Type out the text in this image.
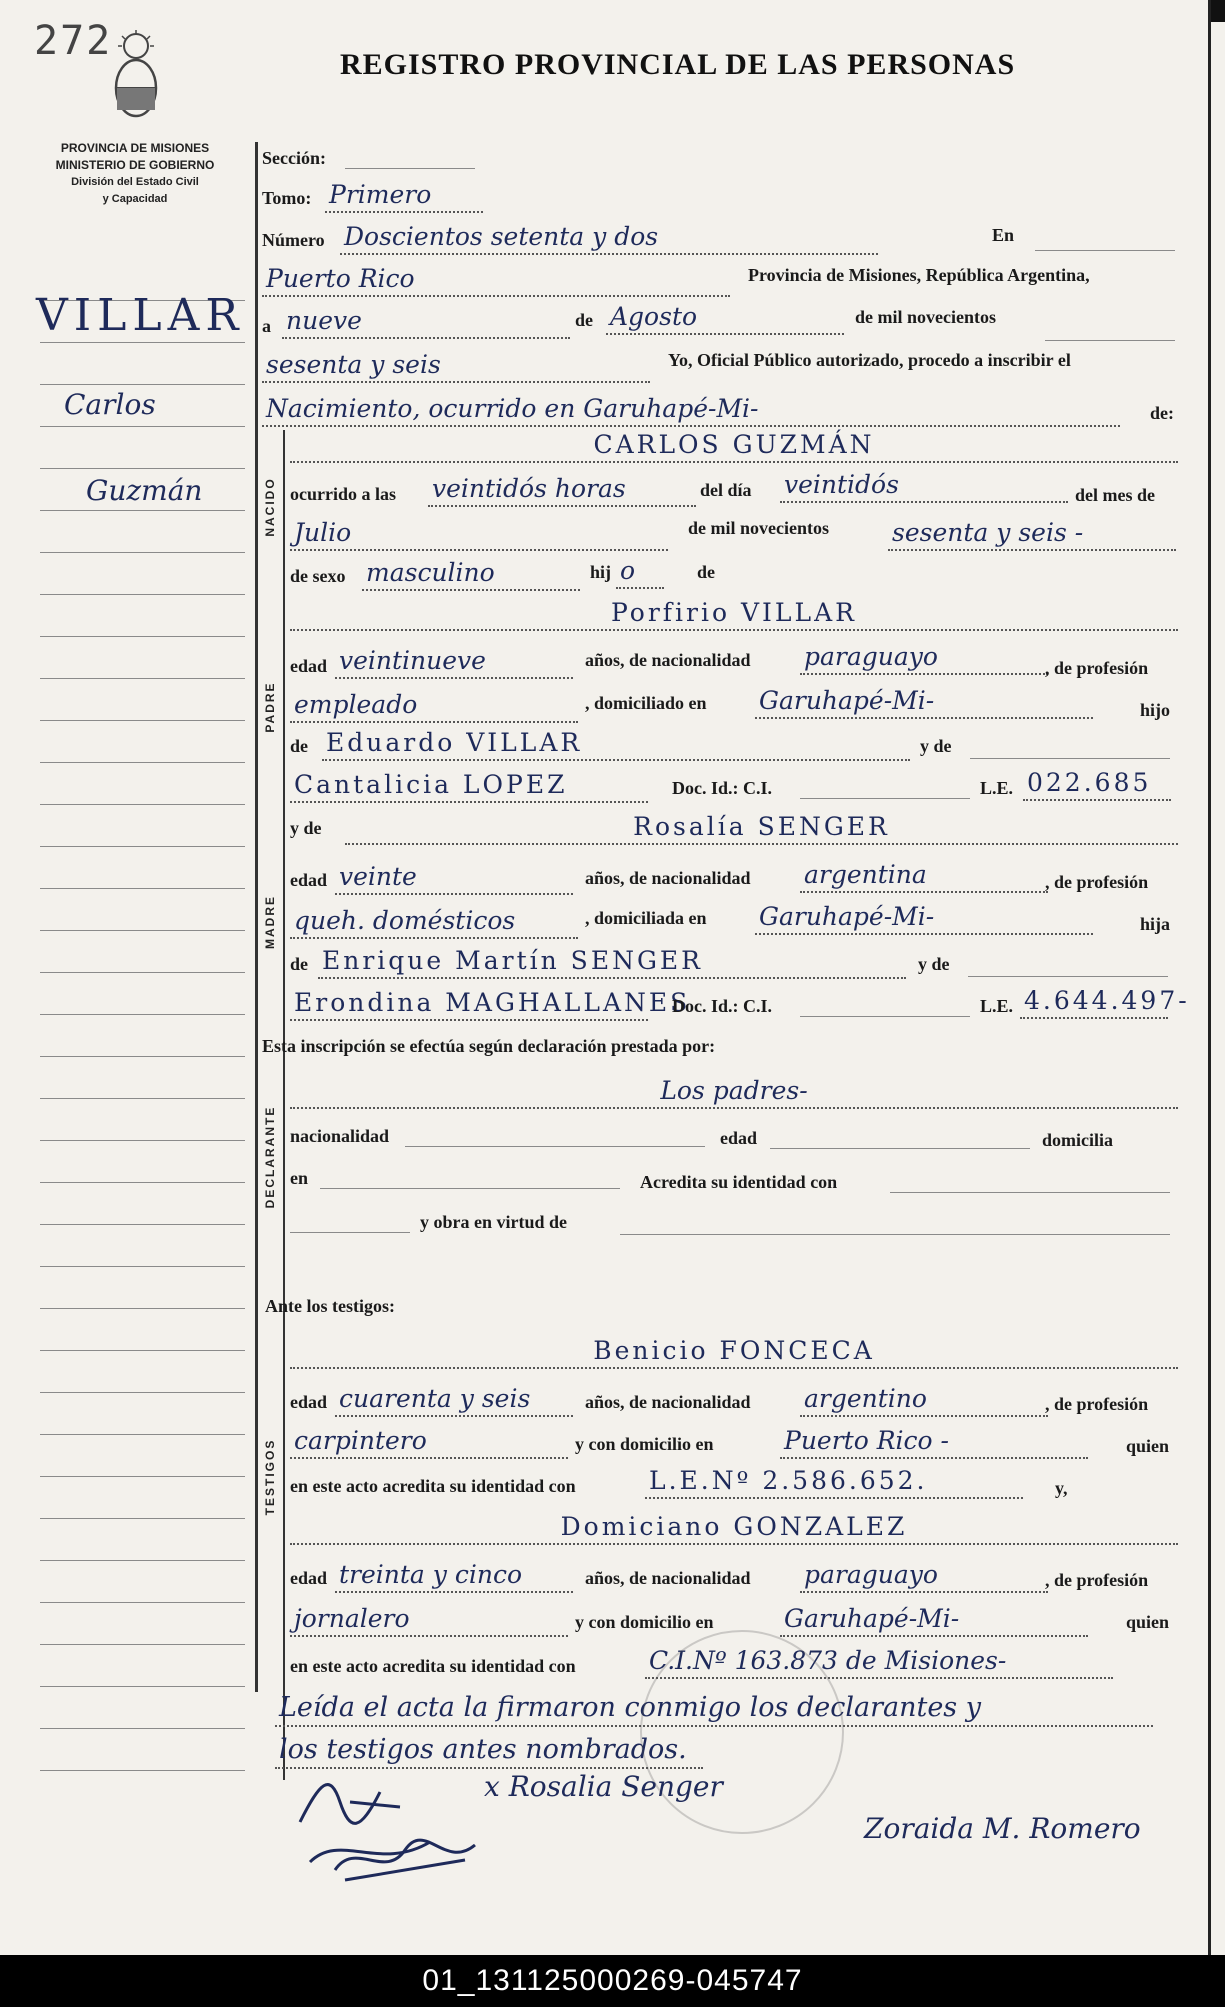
272
REGISTRO PROVINCIAL DE LAS PERSONAS
PROVINCIA DE MISIONES
MINISTERIO DE GOBIERNO
División del Estado Civil
y Capacidad
VILLAR
Carlos
Guzmán	NACIDO
PADRE
MADRE
DECLARANTE
TESTIGOS
Sección:
Tomo: Primero
Número Doscientos setenta y dos	En
Puerto Rico	Provincia de Misiones, República Argentina,
a nueve	de Agosto	de mil novecientos
sesenta y seis	Yo, Oficial Público autorizado, procedo a inscribir el
Nacimiento, ocurrido en Garuhapé-Mi-	de:
CARLOS GUZMÁN
ocurrido a las veintidós horas	del día veintidós	del mes de
Julio	de mil novecientos	sesenta y seis -
de sexo masculino	hij o	de
Porfirio VILLAR
edad veintinueve	años, de nacionalidad paraguayo	, de profesión
empleado	, domiciliado en Garuhapé-Mi-	hijo
de Eduardo VILLAR	y de
Cantalicia LOPEZ	Doc. Id.: C.I.	L.E. 022.685
y de	Rosalía SENGER
edad veinte	años, de nacionalidad argentina	, de profesión
queh. domésticos	, domiciliada en Garuhapé-Mi-	hija
de Enrique Martín SENGER	y de
Erondina MAGHALLANES
Doc. Id.: C.I.	L.E. 4.644.497-
Esta inscripción se efectúa según declaración prestada por:
Los padres-
nacionalidad	edad	domicilia
en	Acredita su identidad con
y obra en virtud de
Ante los testigos:
Benicio FONCECA
edad cuarenta y seis	años, de nacionalidad argentino	, de profesión
carpintero	y con domicilio en	Puerto Rico -	quien
en este acto acredita su identidad con	L.E.Nº 2.586.652.	y,
Domiciano GONZALEZ
edad treinta y cinco	años, de nacionalidad paraguayo	, de profesión
jornalero	y con domicilio en	Garuhapé-Mi-	quien
en este acto acredita su identidad con	C.I.Nº 163.873 de Misiones-
Leída el acta la firmaron conmigo los declarantes y
los testigos antes nombrados.
x Rosalia Senger
Zoraida M. Romero
01_131125000269-045747
